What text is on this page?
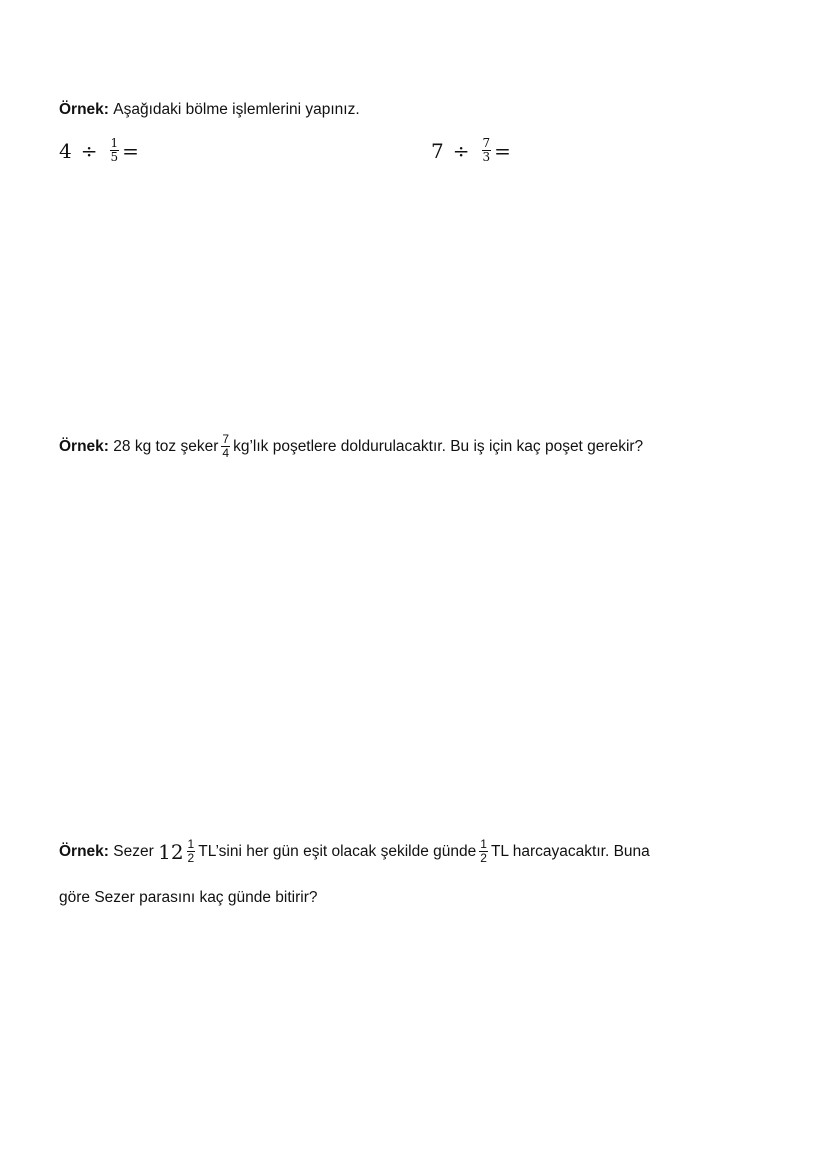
Örnek:
Aşağıdaki bölme işlemlerini yapınız.
$4 \div \frac{1}{5}$ =	$7 \div \frac{7}{3}$ =
Örnek:
28 kg toz şeker $\frac{7}{4}$ kg’lık poşetlere doldurulacaktır. Bu iş için kaç poşet gerekir?
Örnek:
Sezer
$12 \frac{1}{2}$ TL’sini her gün eşit olacak şekilde günde $\frac{1}{2}$ TL harcayacaktır. Buna
göre Sezer parasını kaç günde bitirir?
